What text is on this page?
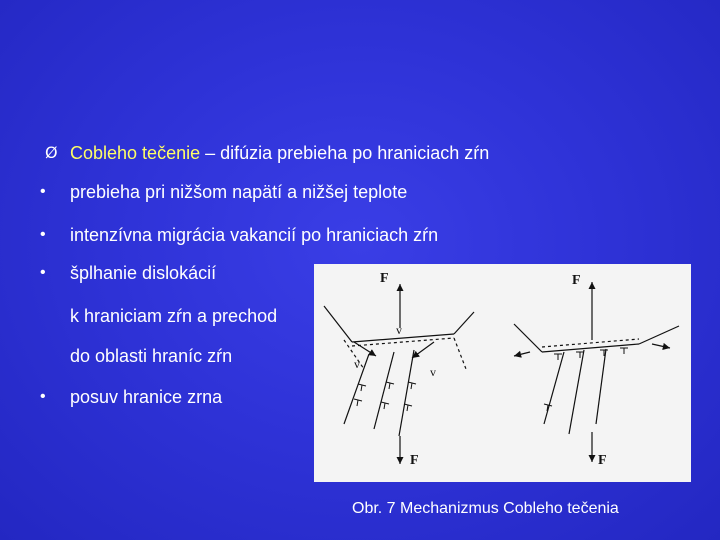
Ø Cobleho tečenie – difúzia prebieha po hraniciach zŕn
• prebieha pri nižšom napätí a nižšej teplote
• intenzívna migrácia vakancií po hraniciach zŕn
• šplhanie dislokácií
k hraniciam zŕn a prechod
do oblasti hraníc zŕn
• posuv hranice zrna
F
F
v
v
v
F
F
Obr. 7 Mechanizmus Cobleho tečenia
